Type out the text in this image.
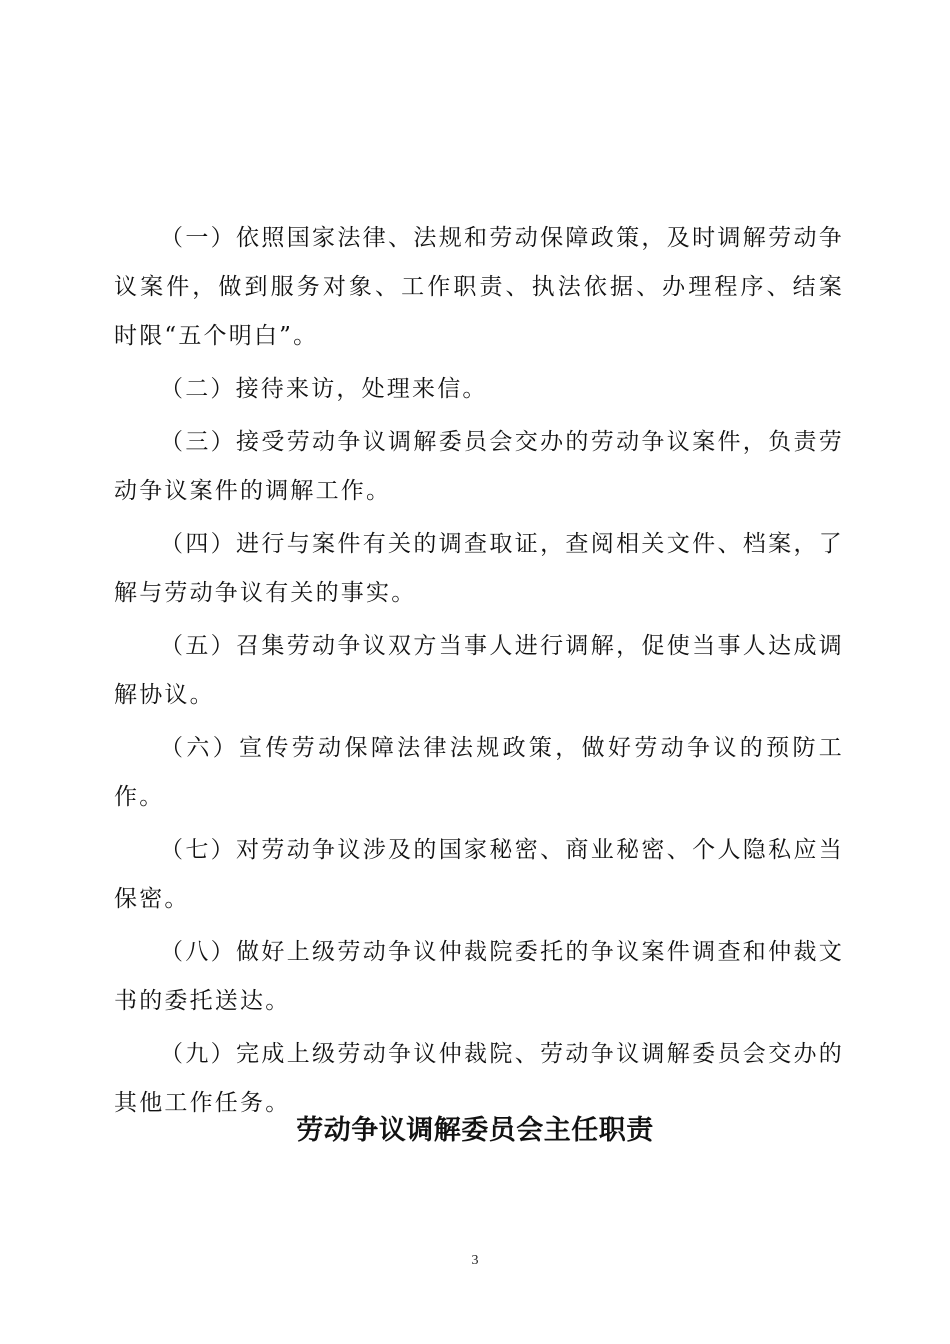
（一）依照国家法律、法规和劳动保障政策，及时调解劳动争议案件，做到服务对象、工作职责、执法依据、办理程序、结案时限“五个明白”。

（二）接待来访，处理来信。

（三）接受劳动争议调解委员会交办的劳动争议案件，负责劳动争议案件的调解工作。

（四）进行与案件有关的调查取证，查阅相关文件、档案，了解与劳动争议有关的事实。

（五）召集劳动争议双方当事人进行调解，促使当事人达成调解协议。

（六）宣传劳动保障法律法规政策，做好劳动争议的预防工作。

（七）对劳动争议涉及的国家秘密、商业秘密、个人隐私应当保密。

（八）做好上级劳动争议仲裁院委托的争议案件调查和仲裁文书的委托送达。

（九）完成上级劳动争议仲裁院、劳动争议调解委员会交办的其他工作任务。

劳动争议调解委员会主任职责
3
